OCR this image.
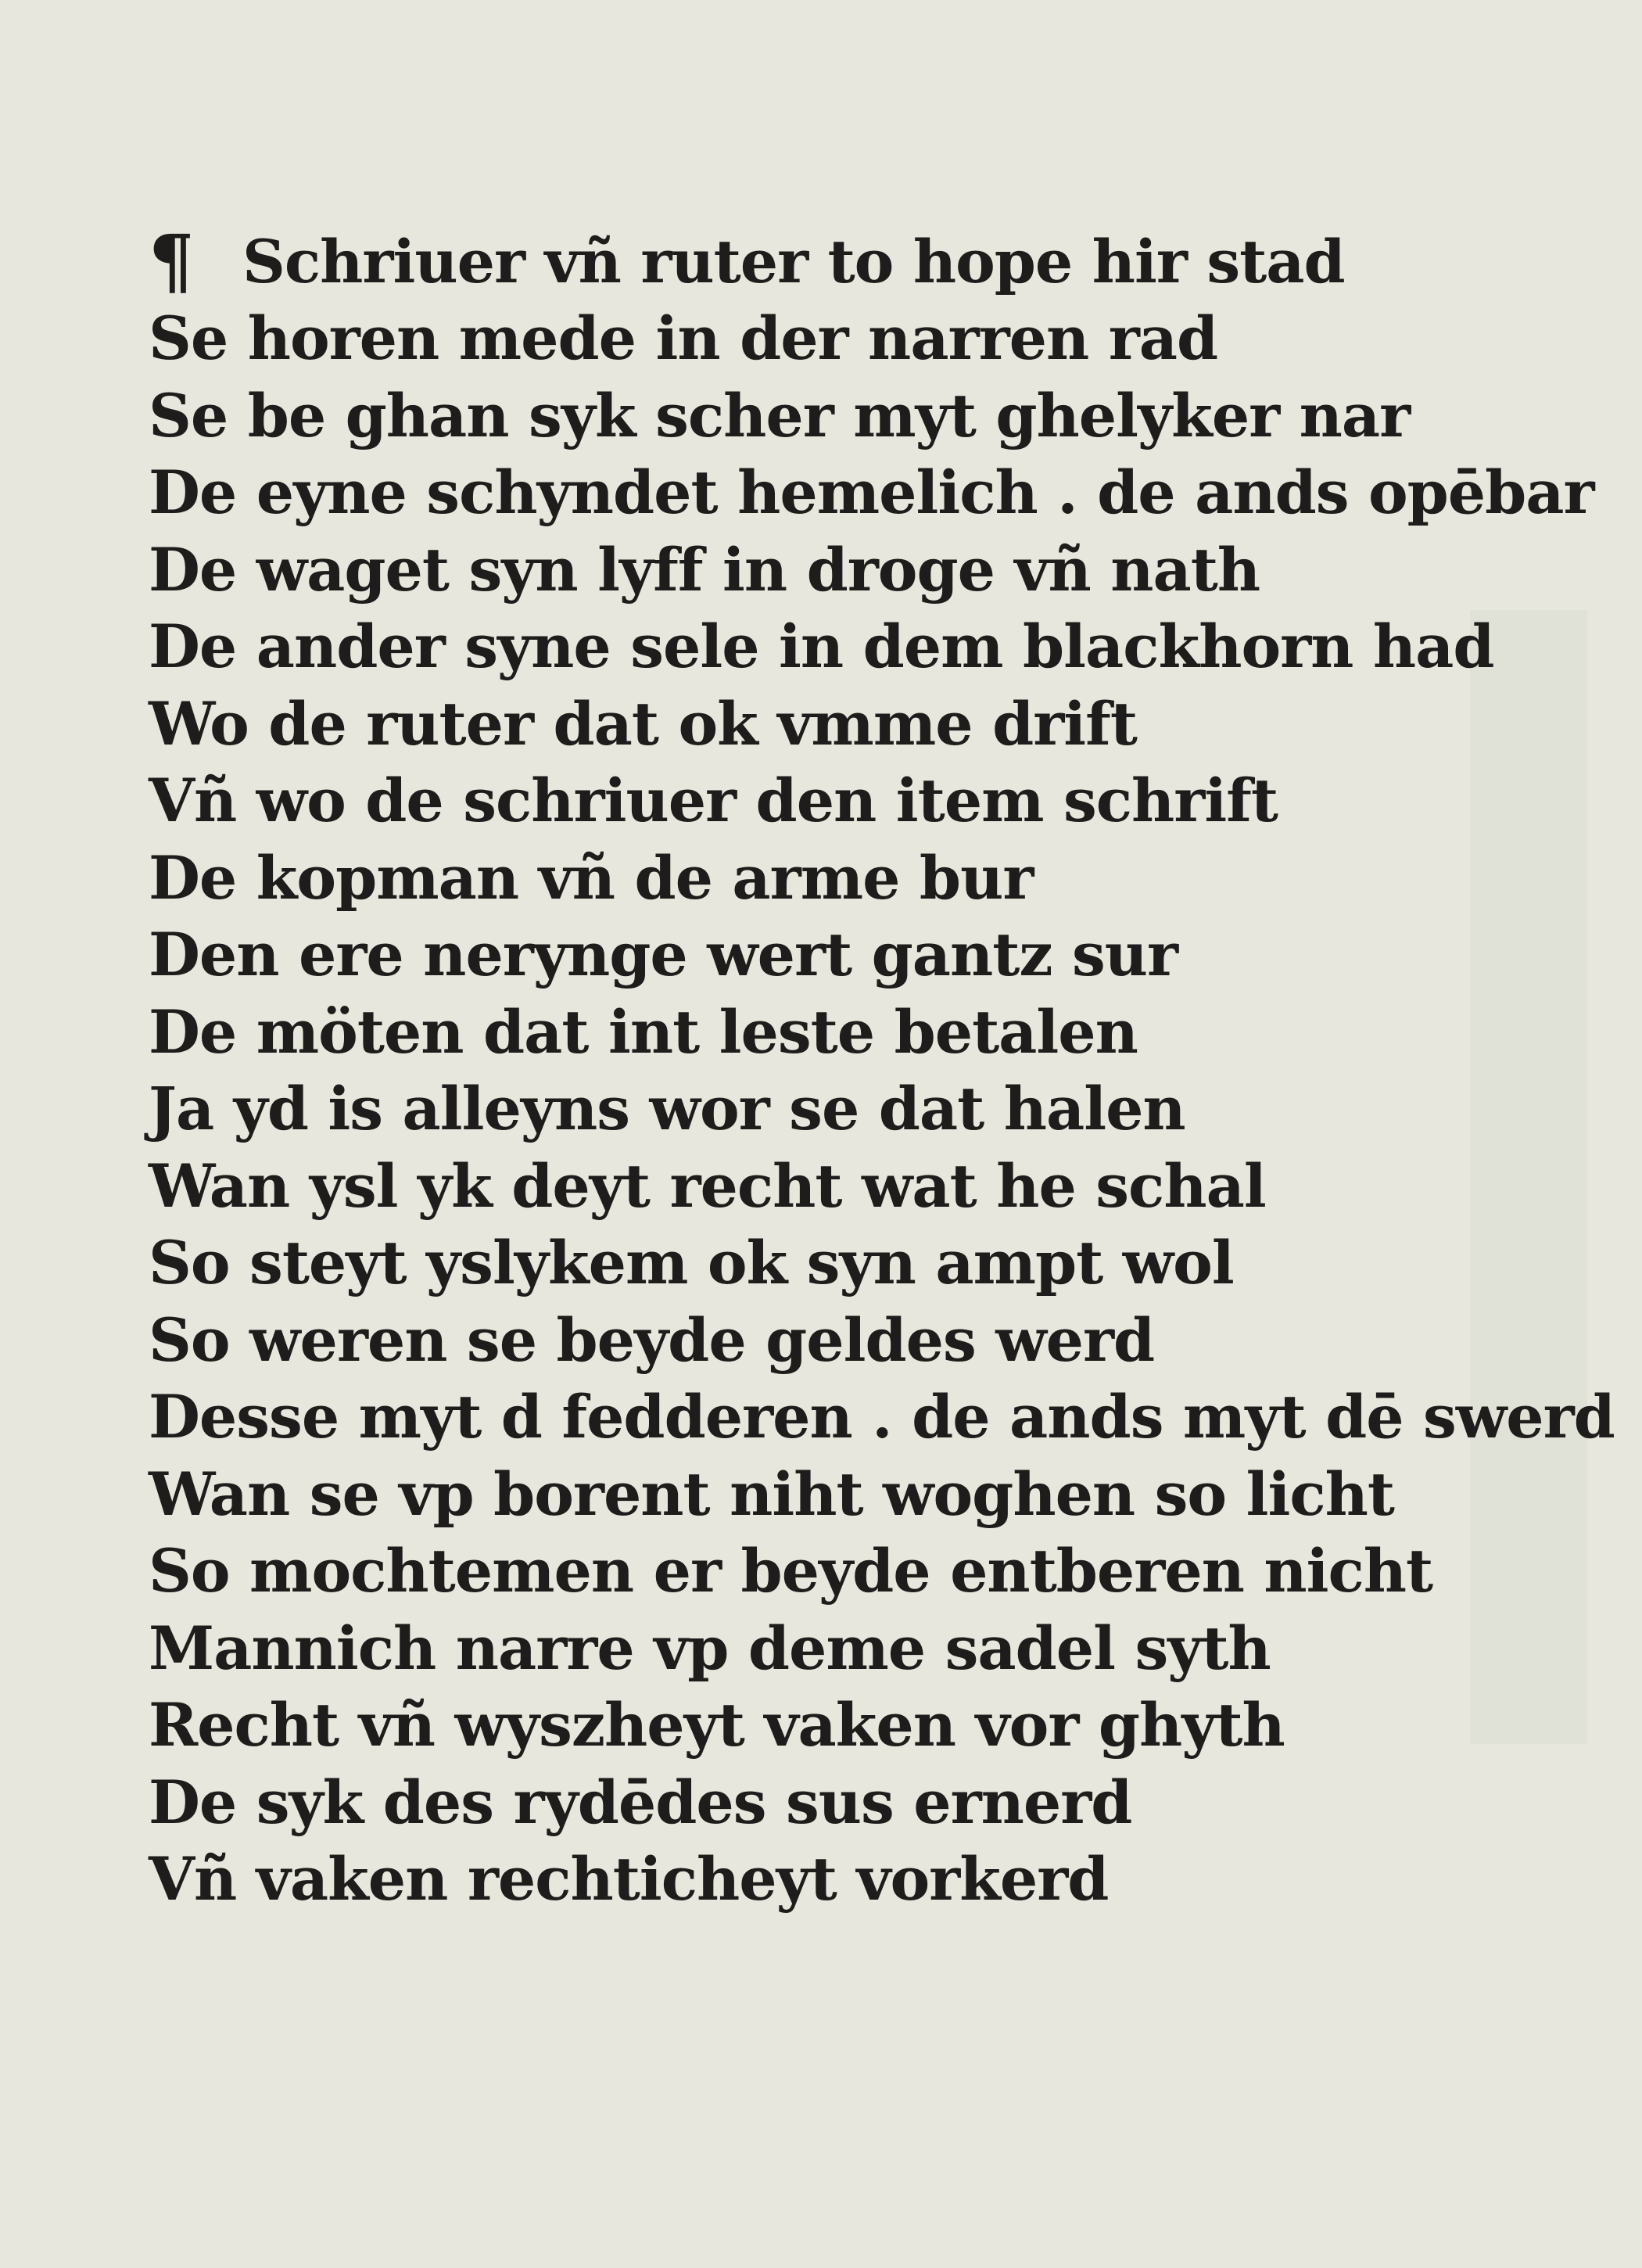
¶ Schriuer vñ ruter to hope hir stad
Se horen mede in der narren rad
Se be ghan syk scher myt ghelyker nar
De eyne schyndet hemelich . de ands opēbar
De waget syn lyff in droge vñ nath
De ander syne sele in dem blackhorn had
Wo de ruter dat ok vmme drift
Vñ wo de schriuer den item schrift
De kopman vñ de arme bur
Den ere nerynge wert gantz sur
De möten dat int leste betalen
Ja yd is alleyns wor se dat halen
Wan ysl yk deyt recht wat he schal
So steyt yslykem ok syn ampt wol
So weren se beyde geldes werd
Desse myt d fedderen . de ands myt dē swerd
Wan se vp borent niht woghen so licht
So mochtemen er beyde entberen nicht
Mannich narre vp deme sadel syth
Recht vñ wyszheyt vaken vor ghyth
De syk des rydēdes sus ernerd
Vñ vaken rechticheyt vorkerd
